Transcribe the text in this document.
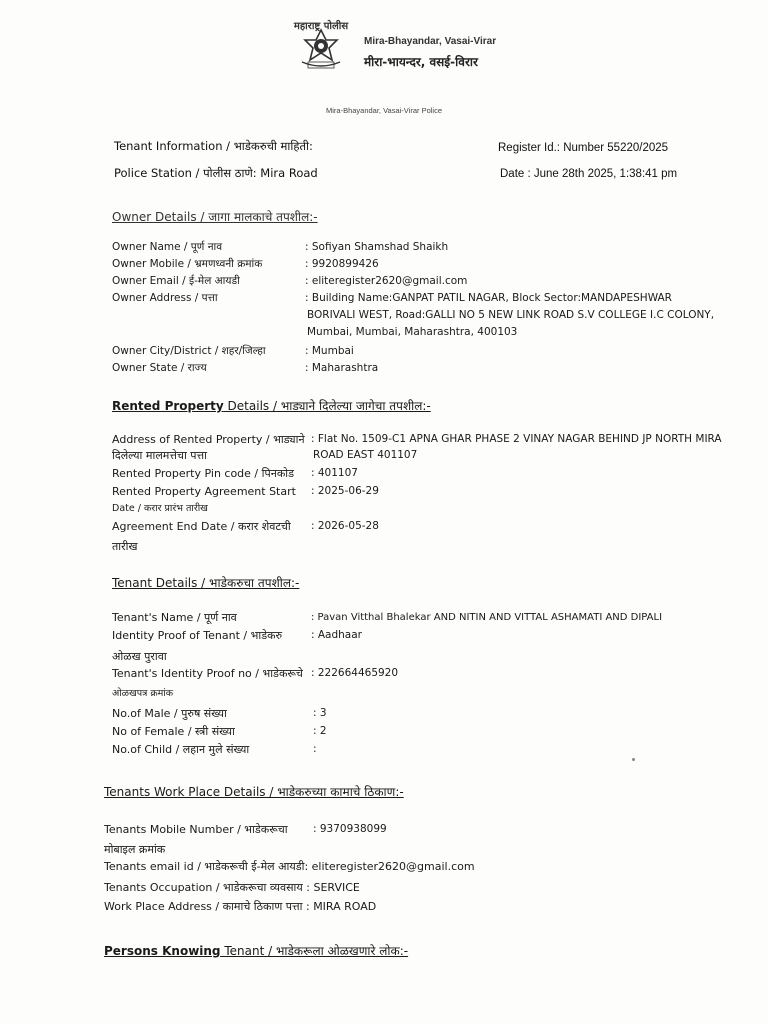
महाराष्ट्र पोलीस
Mira-Bhayandar, Vasai-Virar
मीरा-भायन्दर, वसई-विरार
Mira-Bhayandar, Vasai-Virar Police
Tenant Information / भाडेकरुची माहिती:	Register Id.: Number 55220/2025
Police Station / पोलीस ठाणे: Mira Road	Date : June 28th 2025, 1:38:41 pm
Owner Details / जागा मालकाचे तपशील:-
Owner Name / पूर्ण नाव	: Sofiyan Shamshad Shaikh
Owner Mobile / भ्रमणध्वनी क्रमांक	: 9920899426
Owner Email / ई-मेल आयडी	: eliteregister2620@gmail.com
Owner Address / पत्ता	: Building Name:GANPAT PATIL NAGAR, Block Sector:MANDAPESHWAR
BORIVALI WEST, Road:GALLI NO 5 NEW LINK ROAD S.V COLLEGE I.C COLONY,
Mumbai, Mumbai, Maharashtra, 400103
Owner City/District / शहर/जिल्हा	: Mumbai
Owner State / राज्य	: Maharashtra
Rented Property Details / भाड्याने दिलेल्या जागेचा तपशील:-
Address of Rented Property / भाड्याने : Flat No. 1509-C1 APNA GHAR PHASE 2 VINAY NAGAR BEHIND JP NORTH MIRA
दिलेल्या मालमत्तेचा पत्ता	ROAD EAST 401107
Rented Property Pin code / पिनकोड	: 401107
Rented Property Agreement Start	: 2025-06-29
Date / करार प्रारंभ तारीख
Agreement End Date / करार शेवटची	: 2026-05-28
तारीख
Tenant Details / भाडेकरुचा तपशील:-
Tenant's Name / पूर्ण नाव	: Pavan Vitthal Bhalekar AND NITIN AND VITTAL ASHAMATI AND DIPALI
Identity Proof of Tenant / भाडेकरु	: Aadhaar
ओळख पुरावा
Tenant's Identity Proof no / भाडेकरूचे : 222664465920
ओळखपत्र क्रमांक
No.of Male / पुरुष संख्या	: 3
No of Female / स्त्री संख्या	: 2
No.of Child / लहान मुले संख्या	:
Tenants Work Place Details / भाडेकरुच्या कामाचे ठिकाण:-
Tenants Mobile Number / भाडेकरूचा	: 9370938099
मोबाइल क्रमांक
Tenants email id / भाडेकरूची ई-मेल आयडी: eliteregister2620@gmail.com
Tenants Occupation / भाडेकरूचा व्यवसाय : SERVICE
Work Place Address / कामाचे ठिकाण पत्ता : MIRA ROAD
Persons Knowing Tenant / भाडेकरूला ओळखणारे लोक:-
